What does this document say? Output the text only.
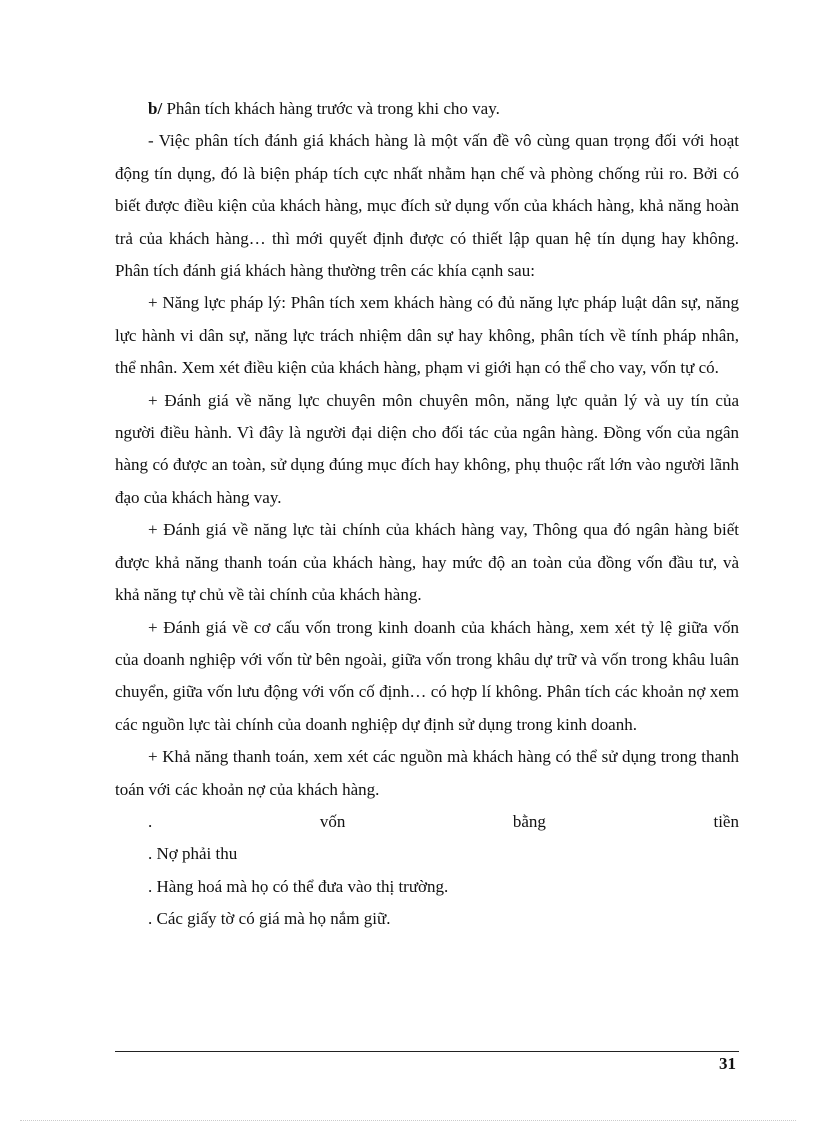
b/ Phân tích khách hàng trước và trong khi cho vay.

- Việc phân tích đánh giá khách hàng là một vấn đề vô cùng quan trọng đối với hoạt động tín dụng, đó là biện pháp tích cực nhất nhằm hạn chế và phòng chống rủi ro. Bởi có biết được điều kiện của khách hàng, mục đích sử dụng vốn của khách hàng, khả năng hoàn trả của khách hàng… thì mới quyết định được có thiết lập quan hệ tín dụng hay không. Phân tích đánh giá khách hàng thường trên các khía cạnh sau:

+ Năng lực pháp lý: Phân tích xem khách hàng có đủ năng lực pháp luật dân sự, năng lực hành vi dân sự, năng lực trách nhiệm dân sự hay không, phân tích về tính pháp nhân, thể nhân. Xem xét điều kiện của khách hàng, phạm vi giới hạn có thể cho vay, vốn tự có.

+ Đánh giá về năng lực chuyên môn chuyên môn, năng lực quản lý và uy tín của người điều hành. Vì đây là người đại diện cho đối tác của ngân hàng. Đồng vốn của ngân hàng có được an toàn, sử dụng đúng mục đích hay không, phụ thuộc rất lớn vào người lãnh đạo của khách hàng vay.

+ Đánh giá về năng lực tài chính của khách hàng vay, Thông qua đó ngân hàng biết được khả năng thanh toán của khách hàng, hay mức độ an toàn của đồng vốn đầu tư, và khả năng tự chủ về tài chính của khách hàng.

+ Đánh giá về cơ cấu vốn trong kinh doanh của khách hàng, xem xét tỷ lệ giữa vốn của doanh nghiệp với vốn từ bên ngoài, giữa vốn trong khâu dự trữ và vốn trong khâu luân chuyển, giữa vốn lưu động với vốn cố định… có hợp lí không. Phân tích các khoản nợ xem các nguồn lực tài chính của doanh nghiệp dự định sử dụng trong kinh doanh.

+ Khả năng thanh toán, xem xét các nguồn mà khách hàng có thể sử dụng trong thanh toán với các khoản nợ của khách hàng.

.	vốn	bằng	tiền

. Nợ phải thu

. Hàng hoá mà họ có thể đưa vào thị trường.

. Các giấy tờ có giá mà họ nắm giữ.

31
